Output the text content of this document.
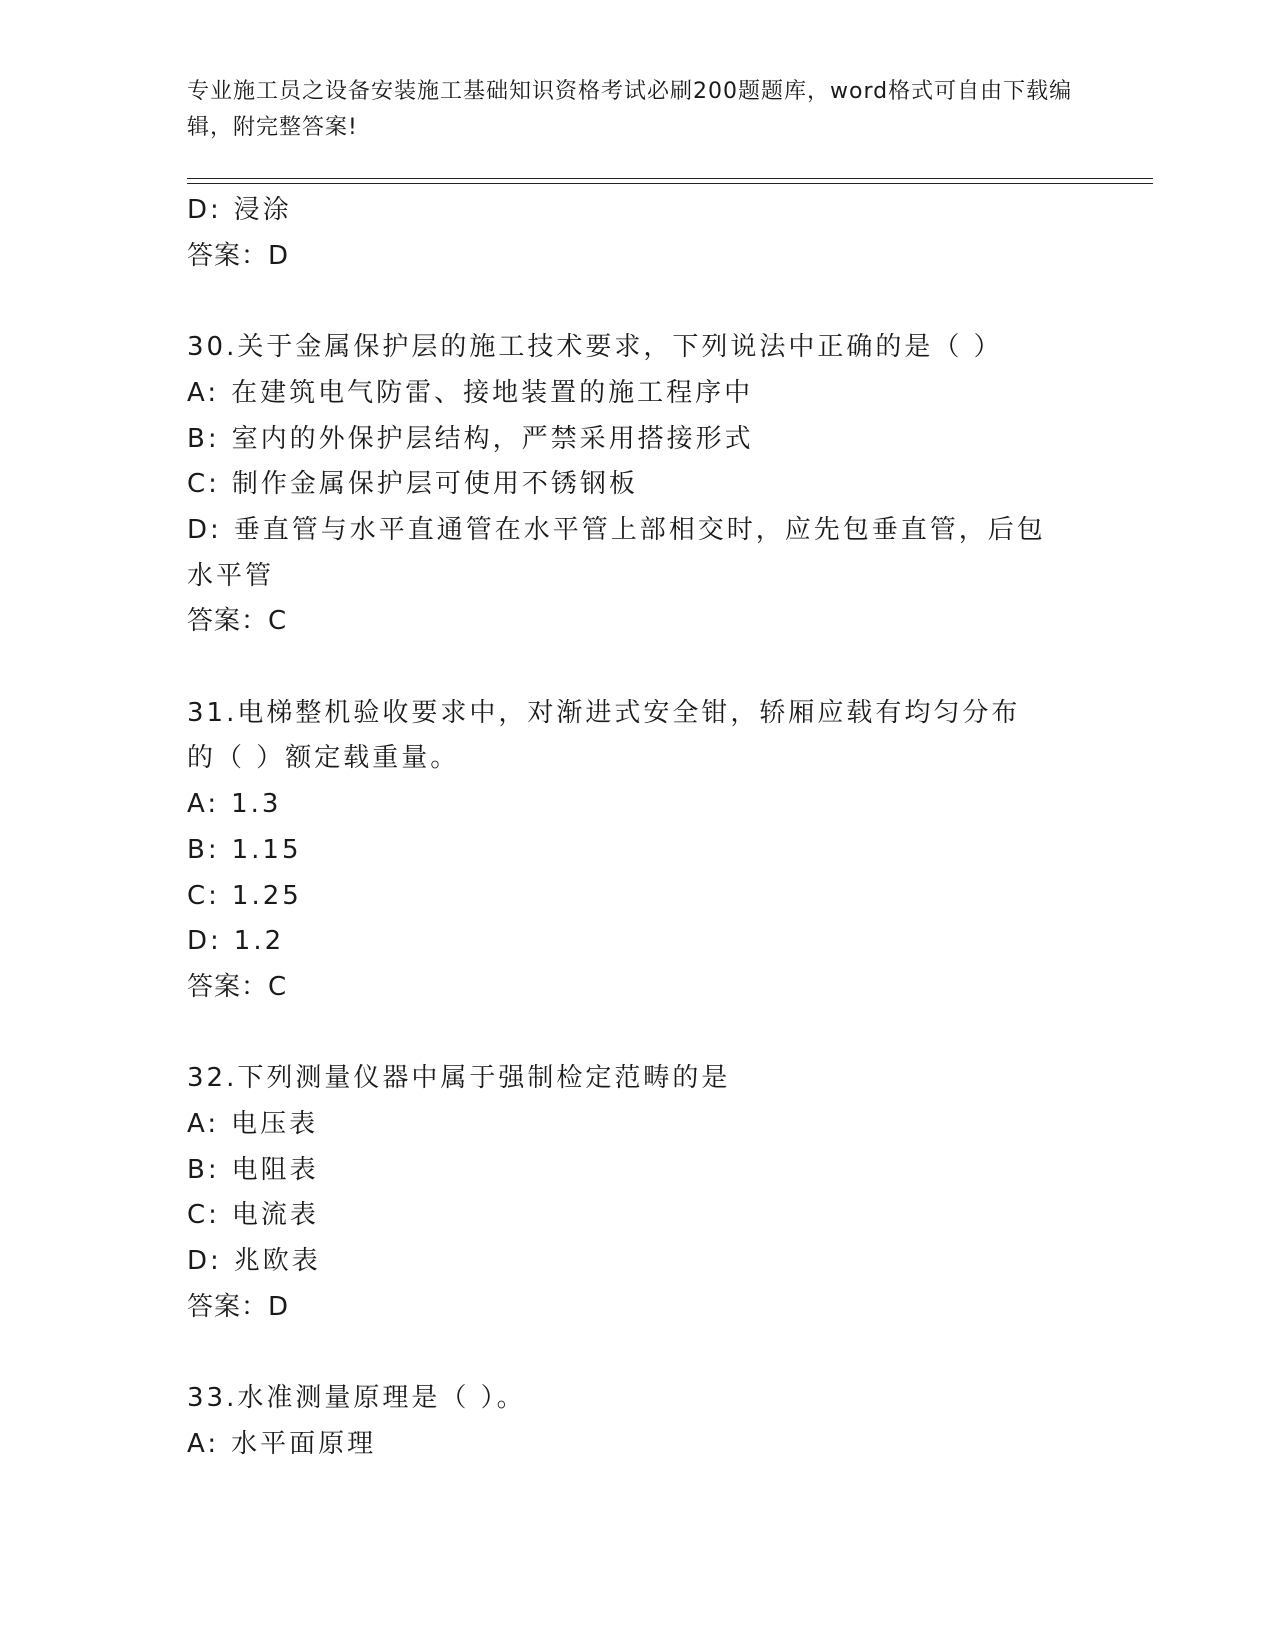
专业施工员之设备安装施工基础知识资格考试必刷200题题库，word格式可自由下载编辑，附完整答案!
D: 浸涂
答案：D
30.关于金属保护层的施工技术要求，下列说法中正确的是（ ）
A: 在建筑电气防雷、接地装置的施工程序中
B: 室内的外保护层结构，严禁采用搭接形式
C: 制作金属保护层可使用不锈钢板
D: 垂直管与水平直通管在水平管上部相交时，应先包垂直管，后包水平管
答案：C
31.电梯整机验收要求中，对渐进式安全钳，轿厢应载有均匀分布的（ ）额定载重量。
A: 1.3
B: 1.15
C: 1.25
D: 1.2
答案：C
32.下列测量仪器中属于强制检定范畴的是
A: 电压表
B: 电阻表
C: 电流表
D: 兆欧表
答案：D
33.水准测量原理是（ ）。
A: 水平面原理
